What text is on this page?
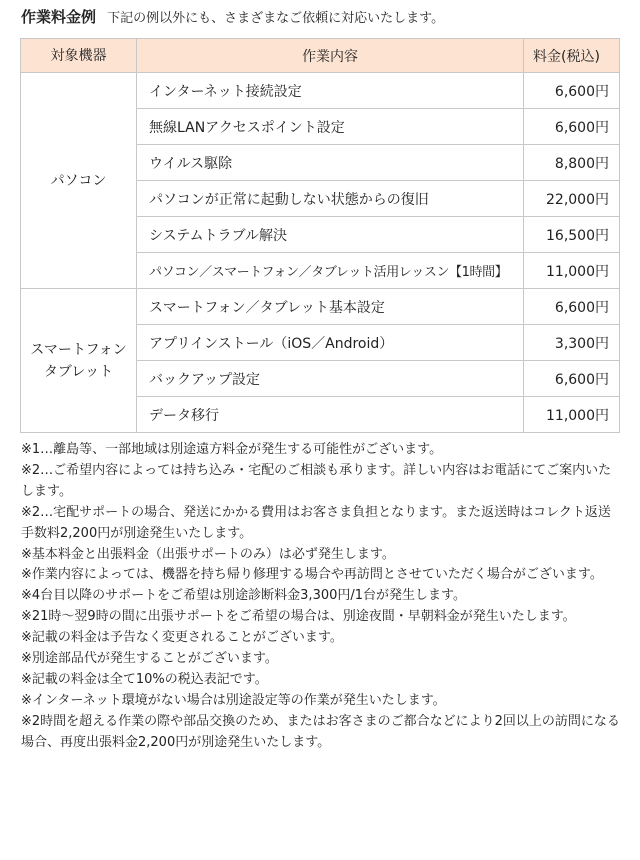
作業料金例 下記の例以外にも、さまざまなご依頼に対応いたします。
対象機器	作業内容	料金(税込)
パソコン	インターネット接続設定	6,600円
	無線LANアクセスポイント設定	6,600円
	ウイルス駆除	8,800円
	パソコンが正常に起動しない状態からの復旧	22,000円
	システムトラブル解決	16,500円
	パソコン／スマートフォン／タブレット活用レッスン【1時間】	11,000円

スマートフォン
タブレット	スマートフォン／タブレット基本設定	6,600円
	アプリインストール（iOS／Android）	3,300円
	バックアップ設定	6,600円
	データ移行	11,000円

※1…離島等、一部地域は別途遠方料金が発生する可能性がございます。

※2…ご希望内容によっては持ち込み・宅配のご相談も承ります。詳しい内容はお電話にてご案内いたします。

※2…宅配サポートの場合、発送にかかる費用はお客さま負担となります。また返送時はコレクト返送手数料2,200円が別途発生いたします。

※基本料金と出張料金（出張サポートのみ）は必ず発生します。

※作業内容によっては、機器を持ち帰り修理する場合や再訪問とさせていただく場合がございます。

※4台目以降のサポートをご希望は別途診断料金3,300円/1台が発生します。

※21時～翌9時の間に出張サポートをご希望の場合は、別途夜間・早朝料金が発生いたします。

※記載の料金は予告なく変更されることがございます。

※別途部品代が発生することがございます。

※記載の料金は全て10%の税込表記です。

※インターネット環境がない場合は別途設定等の作業が発生いたします。

※2時間を超える作業の際や部品交換のため、またはお客さまのご都合などにより2回以上の訪問になる場合、再度出張料金2,200円が別途発生いたします。
